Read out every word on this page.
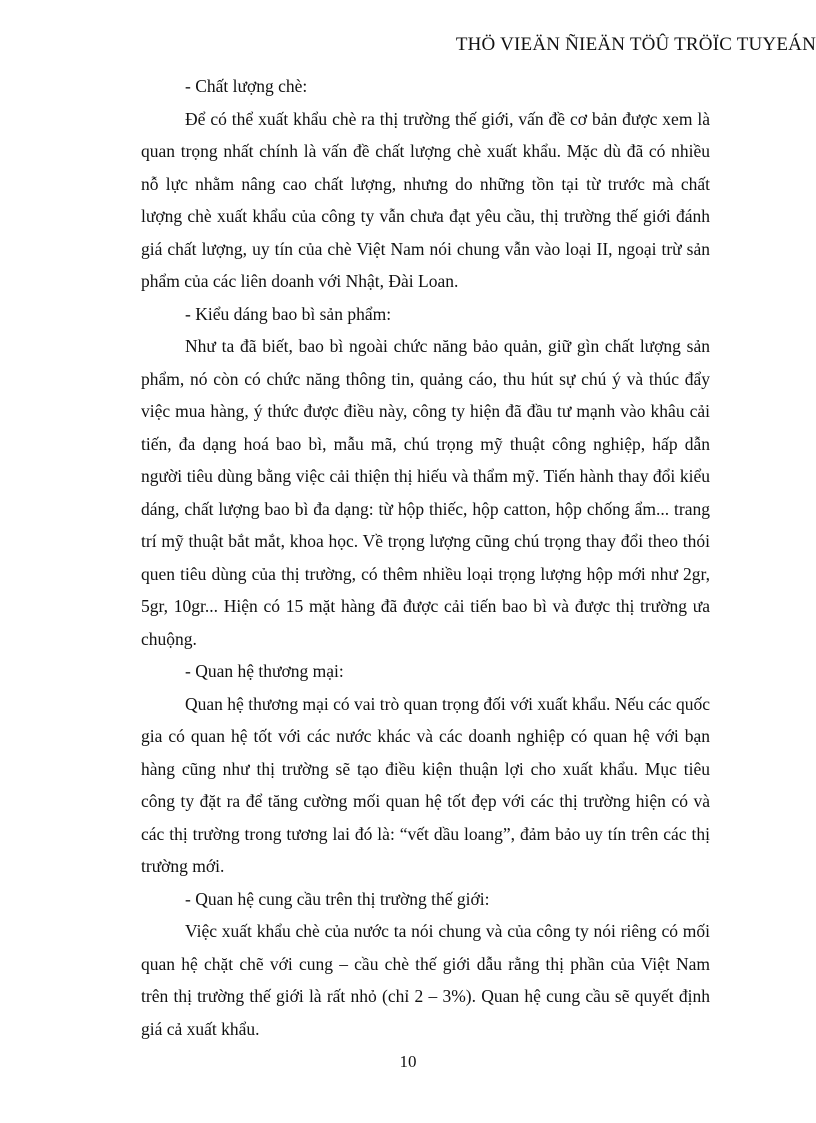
THÖ VIEÄN ÑIEÄN TÖÛ TRÖÏC TUYEÁN

- Chất lượng chè:

Để có thể xuất khẩu chè ra thị trường thế giới, vấn đề cơ bản được xem là quan trọng nhất chính là vấn đề chất lượng chè xuất khẩu. Mặc dù đã có nhiều nỗ lực nhằm nâng cao chất lượng, nhưng do những tồn tại từ trước mà chất lượng chè xuất khẩu của công ty vẫn chưa đạt yêu cầu, thị trường thế giới đánh giá chất lượng, uy tín của chè Việt Nam nói chung vẫn vào loại II, ngoại trừ sản phẩm của các liên doanh với Nhật, Đài Loan.

- Kiểu dáng bao bì sản phẩm:

Như ta đã biết, bao bì ngoài chức năng bảo quản, giữ gìn chất lượng sản phẩm, nó còn có chức năng thông tin, quảng cáo, thu hút sự chú ý và thúc đẩy việc mua hàng, ý thức được điều này, công ty hiện đã đầu tư mạnh vào khâu cải tiến, đa dạng hoá bao bì, mẫu mã, chú trọng mỹ thuật công nghiệp, hấp dẫn người tiêu dùng bằng việc cải thiện thị hiếu và thẩm mỹ. Tiến hành thay đổi kiểu dáng, chất lượng bao bì đa dạng: từ hộp thiếc, hộp catton, hộp chống ẩm... trang trí mỹ thuật bắt mắt, khoa học. Về trọng lượng cũng chú trọng thay đổi theo thói quen tiêu dùng của thị trường, có thêm nhiều loại trọng lượng hộp mới như 2gr, 5gr, 10gr... Hiện có 15 mặt hàng đã được cải tiến bao bì và được thị trường ưa chuộng.

- Quan hệ thương mại:

Quan hệ thương mại có vai trò quan trọng đối với xuất khẩu. Nếu các quốc gia có quan hệ tốt với các nước khác và các doanh nghiệp có quan hệ với bạn hàng cũng như thị trường sẽ tạo điều kiện thuận lợi cho xuất khẩu. Mục tiêu công ty đặt ra để tăng cường mối quan hệ tốt đẹp với các thị trường hiện có và các thị trường trong tương lai đó là: “vết dầu loang”, đảm bảo uy tín trên các thị trường mới.

- Quan hệ cung cầu trên thị trường thế giới:

Việc xuất khẩu chè của nước ta nói chung và của công ty nói riêng có mối quan hệ chặt chẽ với cung – cầu chè thế giới dẫu rằng thị phần của Việt Nam trên thị trường thế giới là rất nhỏ (chỉ 2 – 3%). Quan hệ cung cầu sẽ quyết định giá cả xuất khẩu.

10
